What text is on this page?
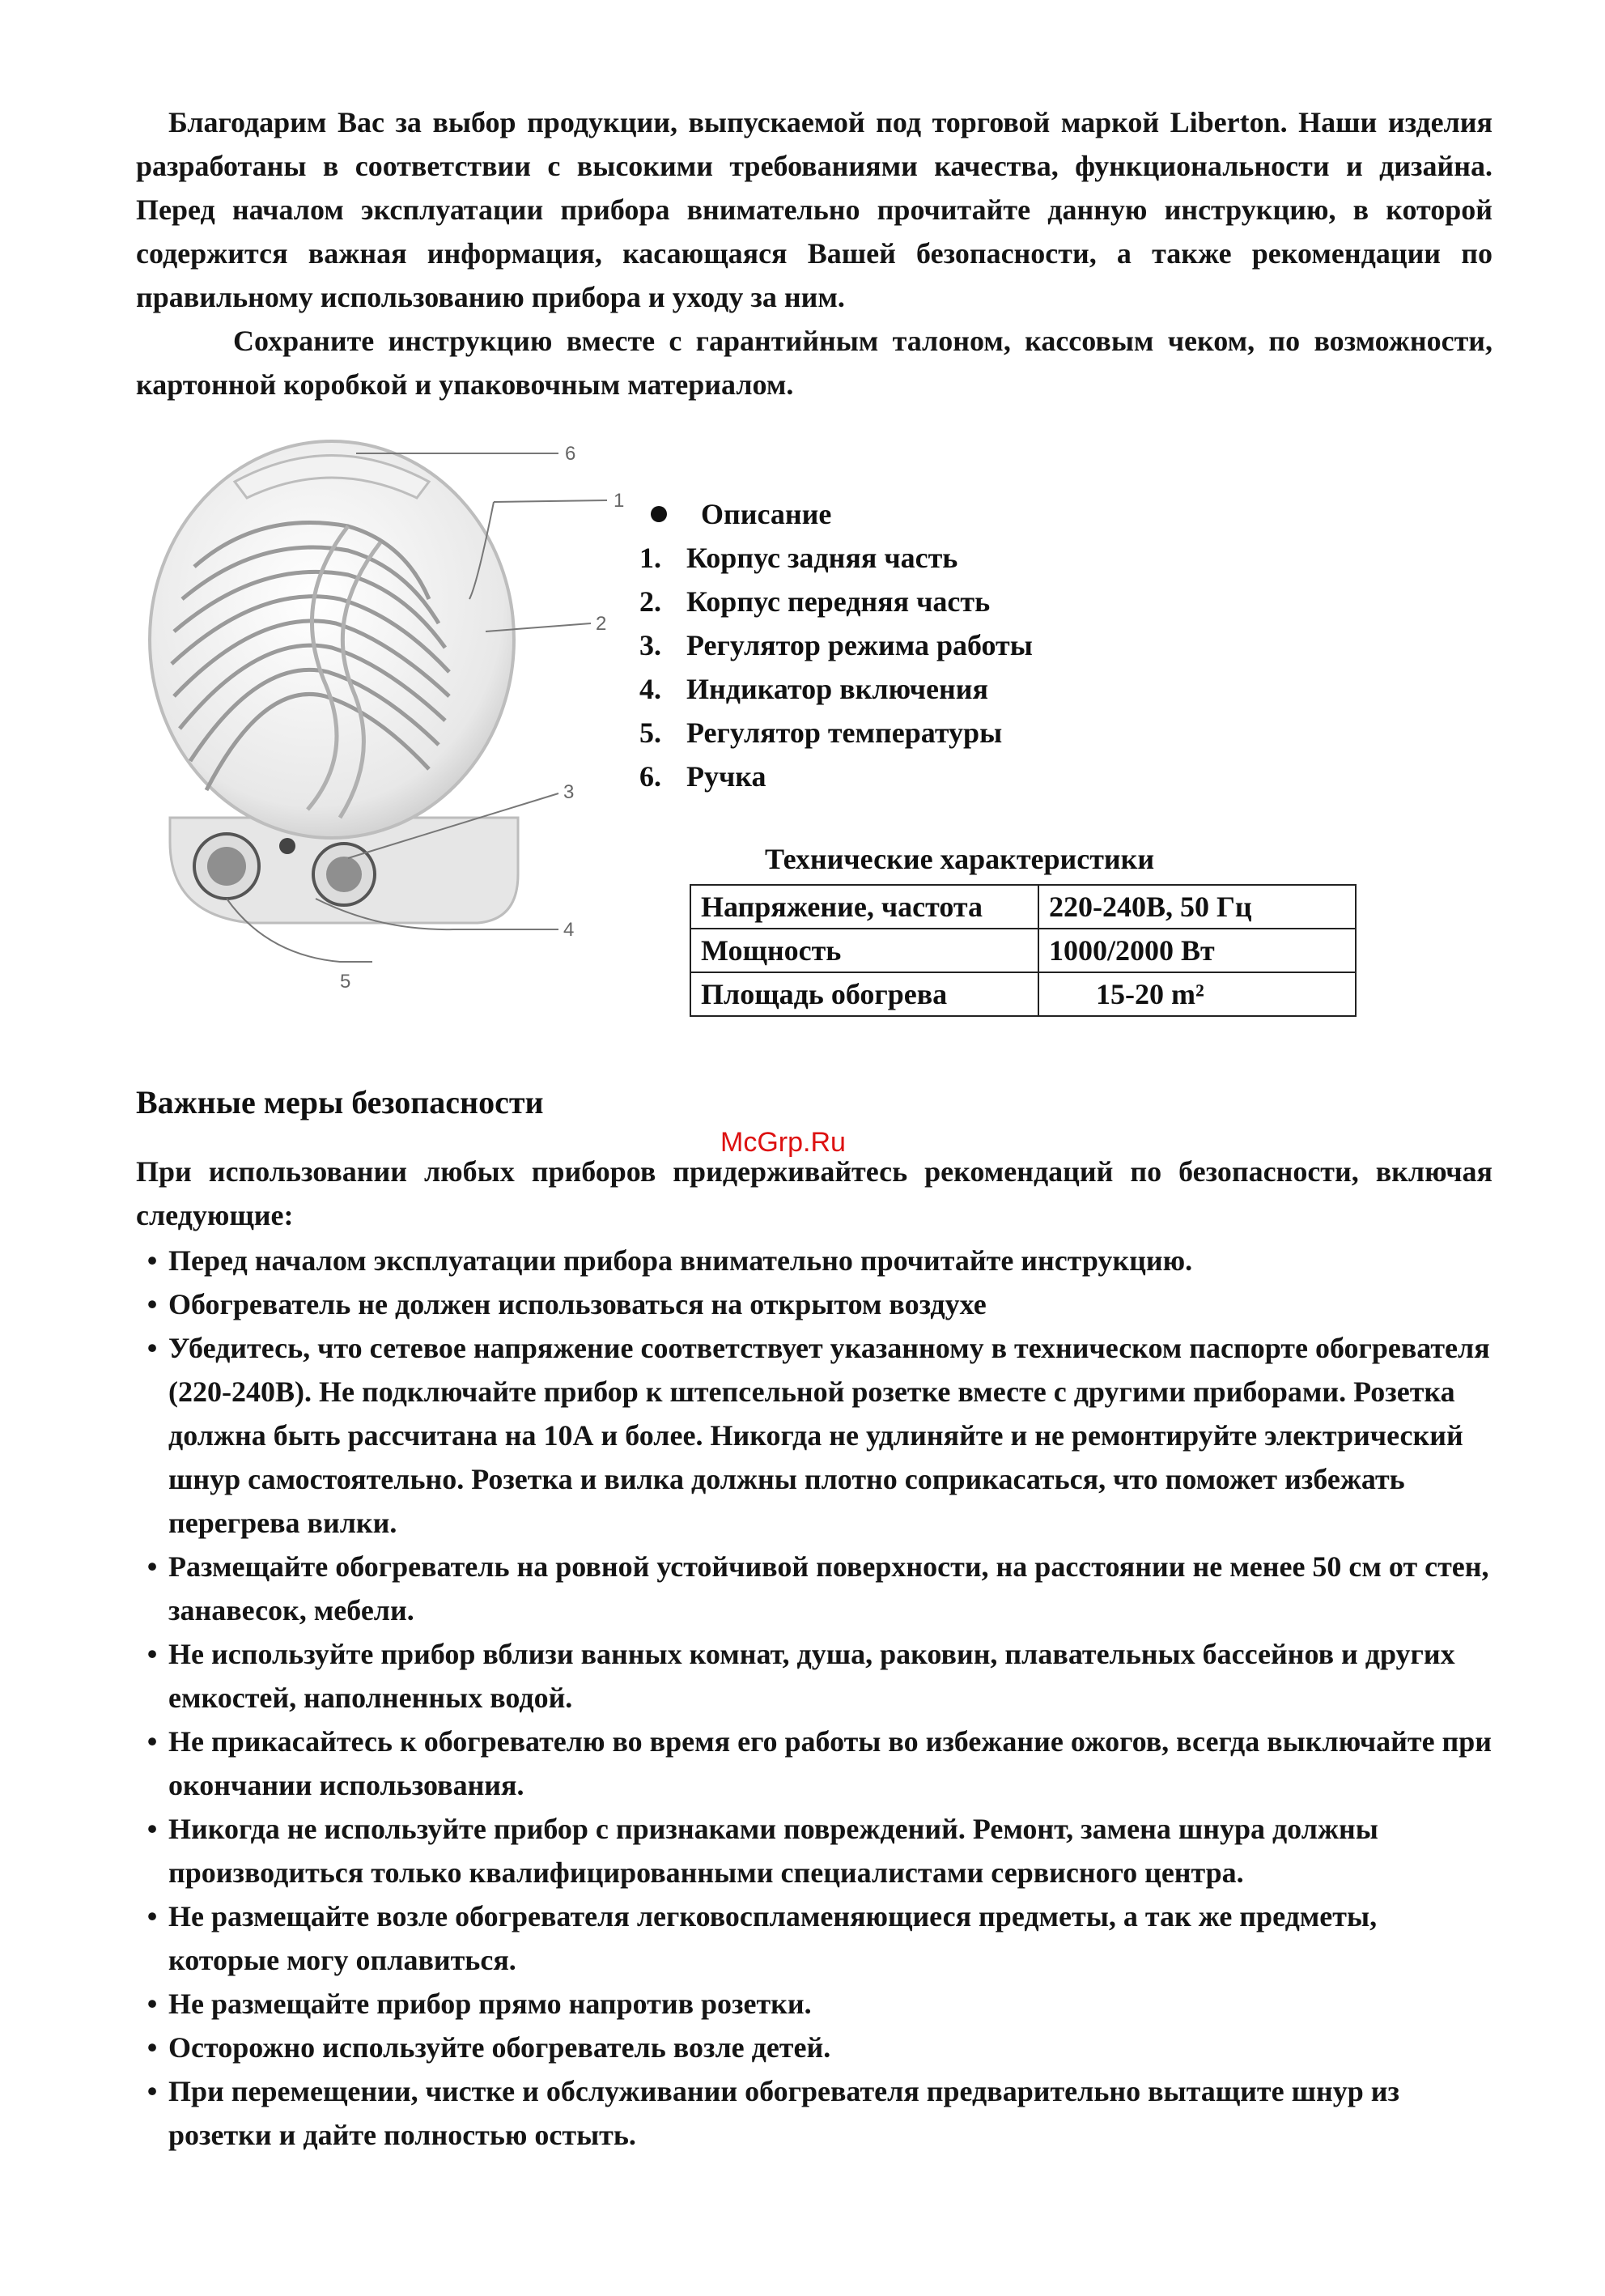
Благодарим Вас за выбор продукции, выпускаемой под торговой маркой Liberton. Наши изделия разработаны в соответствии с высокими требованиями качества, функциональности и дизайна. Перед началом эксплуатации прибора внимательно прочитайте данную инструкцию, в которой содержится важная информация, касающаяся Вашей безопасности, а также рекомендации по правильному использованию прибора и уходу за ним.

Сохраните инструкцию вместе с гарантийным талоном, кассовым чеком, по возможности, картонной коробкой и упаковочным материалом.

6
1
2
3
4
5
Описание
1. Корпус задняя часть
2. Корпус передняя часть
3. Регулятор режима работы
4. Индикатор включения
5. Регулятор температуры
6. Ручка
Технические характеристики
Напряжение, частота	220-240В, 50 Гц
Мощность	1000/2000 Вт
Площадь обогрева	15-20 m²
Важные меры безопасности
McGrp.Ru

При использовании любых приборов придерживайтесь рекомендаций по безопасности, включая следующие:

• Перед началом эксплуатации прибора внимательно прочитайте инструкцию.
• Обогреватель не должен использоваться на открытом воздухе
• Убедитесь, что сетевое напряжение соответствует указанному в техническом паспорте обогревателя (220-240В). Не подключайте прибор к штепсельной розетке вместе с другими приборами. Розетка должна быть рассчитана на 10А и более. Никогда не удлиняйте и не ремонтируйте электрический шнур самостоятельно. Розетка и вилка должны плотно соприкасаться, что поможет избежать перегрева вилки.
• Размещайте обогреватель на ровной устойчивой поверхности, на расстоянии не менее 50 см от стен, занавесок, мебели.
• Не используйте прибор вблизи ванных комнат, душа, раковин, плавательных бассейнов и других емкостей, наполненных водой.
• Не прикасайтесь к обогревателю во время его работы во избежание ожогов, всегда выключайте при окончании использования.
• Никогда не используйте прибор с признаками повреждений. Ремонт, замена шнура должны производиться только квалифицированными специалистами сервисного центра.
• Не размещайте возле обогревателя легковоспламеняющиеся предметы, а так же предметы, которые могу оплавиться.
• Не размещайте прибор прямо напротив розетки.
• Осторожно используйте обогреватель возле детей.
• При перемещении, чистке и обслуживании обогревателя предварительно вытащите шнур из розетки и дайте полностью остыть.
